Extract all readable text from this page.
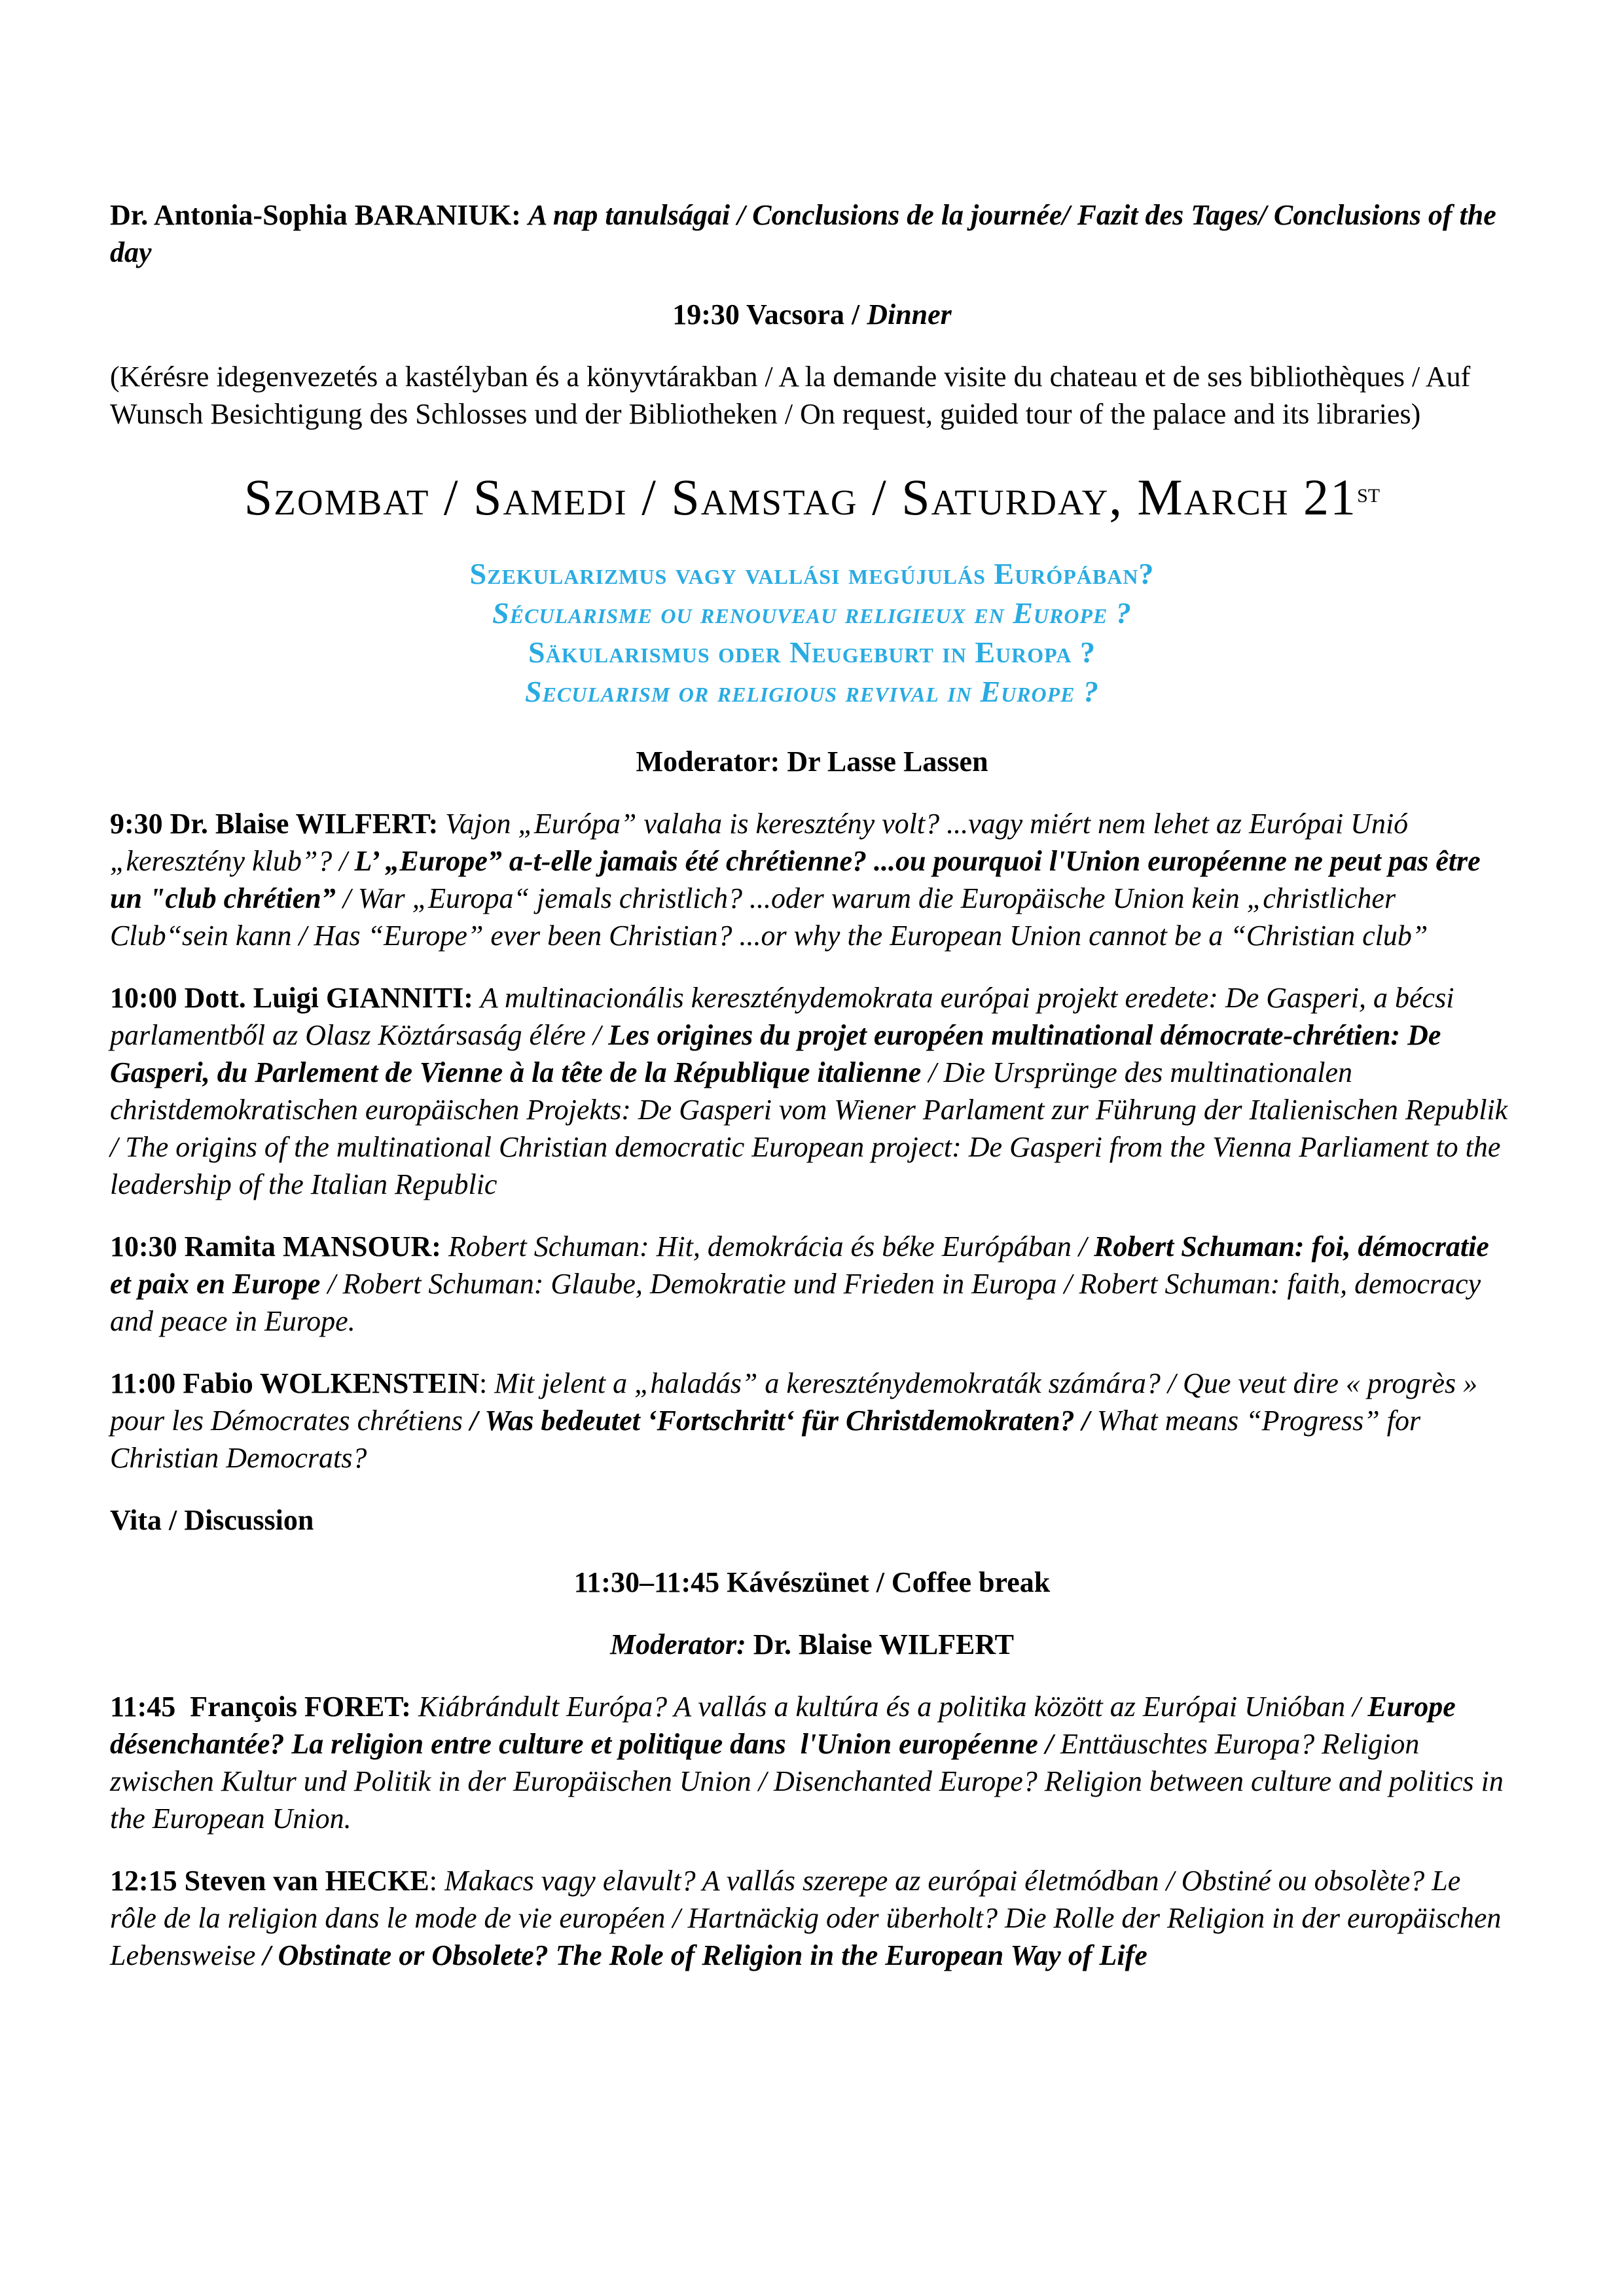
Dr. Antonia-Sophia BARANIUK: A nap tanulságai / Conclusions de la journée/ Fazit des Tages/ Conclusions of the day

19:30 Vacsora / Dinner

(Kérésre idegenvezetés a kastélyban és a könyvtárakban / A la demande visite du chateau et de ses bibliothèques / Auf Wunsch Besichtigung des Schlosses und der Bibliotheken / On request, guided tour of the palace and its libraries)

Szombat / Samedi / Samstag / Saturday, March 21st
Szekularizmus vagy vallási megújulás Európában?
Sécularisme ou renouveau religieux en Europe ?
Säkularismus oder Neugeburt in Europa ?
Secularism or religious revival in Europe ?

Moderator: Dr Lasse Lassen

9:30 Dr. Blaise WILFERT: Vajon „Európa” valaha is keresztény volt? ...vagy miért nem lehet az Európai Unió „keresztény klub”? / L’ „Europe” a-t-elle jamais été chrétienne? ...ou pourquoi l'Union européenne ne peut pas être un "club chrétien” / War „Europa“ jemals christlich? ...oder warum die Europäische Union kein „christlicher Club“sein kann / Has “Europe” ever been Christian? ...or why the European Union cannot be a “Christian club”

10:00 Dott. Luigi GIANNITI: A multinacionális kereszténydemokrata európai projekt eredete: De Gasperi, a bécsi parlamentből az Olasz Köztársaság élére / Les origines du projet européen multinational démocrate-chrétien: De Gasperi, du Parlement de Vienne à la tête de la République italienne / Die Ursprünge des multinationalen christdemokratischen europäischen Projekts: De Gasperi vom Wiener Parlament zur Führung der Italienischen Republik / The origins of the multinational Christian democratic European project: De Gasperi from the Vienna Parliament to the leadership of the Italian Republic

10:30 Ramita MANSOUR: Robert Schuman: Hit, demokrácia és béke Európában / Robert Schuman: foi, démocratie et paix en Europe / Robert Schuman: Glaube, Demokratie und Frieden in Europa / Robert Schuman: faith, democracy and peace in Europe.

11:00 Fabio WOLKENSTEIN: Mit jelent a „haladás” a kereszténydemokraták számára? / Que veut dire « progrès » pour les Démocrates chrétiens / Was bedeutet ‘Fortschritt‘ für Christdemokraten? / What means “Progress” for Christian Democrats?

Vita / Discussion

11:30–11:45 Kávészünet / Coffee break

Moderator: Dr. Blaise WILFERT

11:45  François FORET: Kiábrándult Európa? A vallás a kultúra és a politika között az Európai Unióban / Europe désenchantée? La religion entre culture et politique dans  l'Union européenne / Enttäuschtes Europa? Religion zwischen Kultur und Politik in der Europäischen Union / Disenchanted Europe? Religion between culture and politics in the European Union.

12:15 Steven van HECKE: Makacs vagy elavult? A vallás szerepe az európai életmódban / Obstiné ou obsolète? Le rôle de la religion dans le mode de vie européen / Hartnäckig oder überholt? Die Rolle der Religion in der europäischen Lebensweise / Obstinate or Obsolete? The Role of Religion in the European Way of Life
